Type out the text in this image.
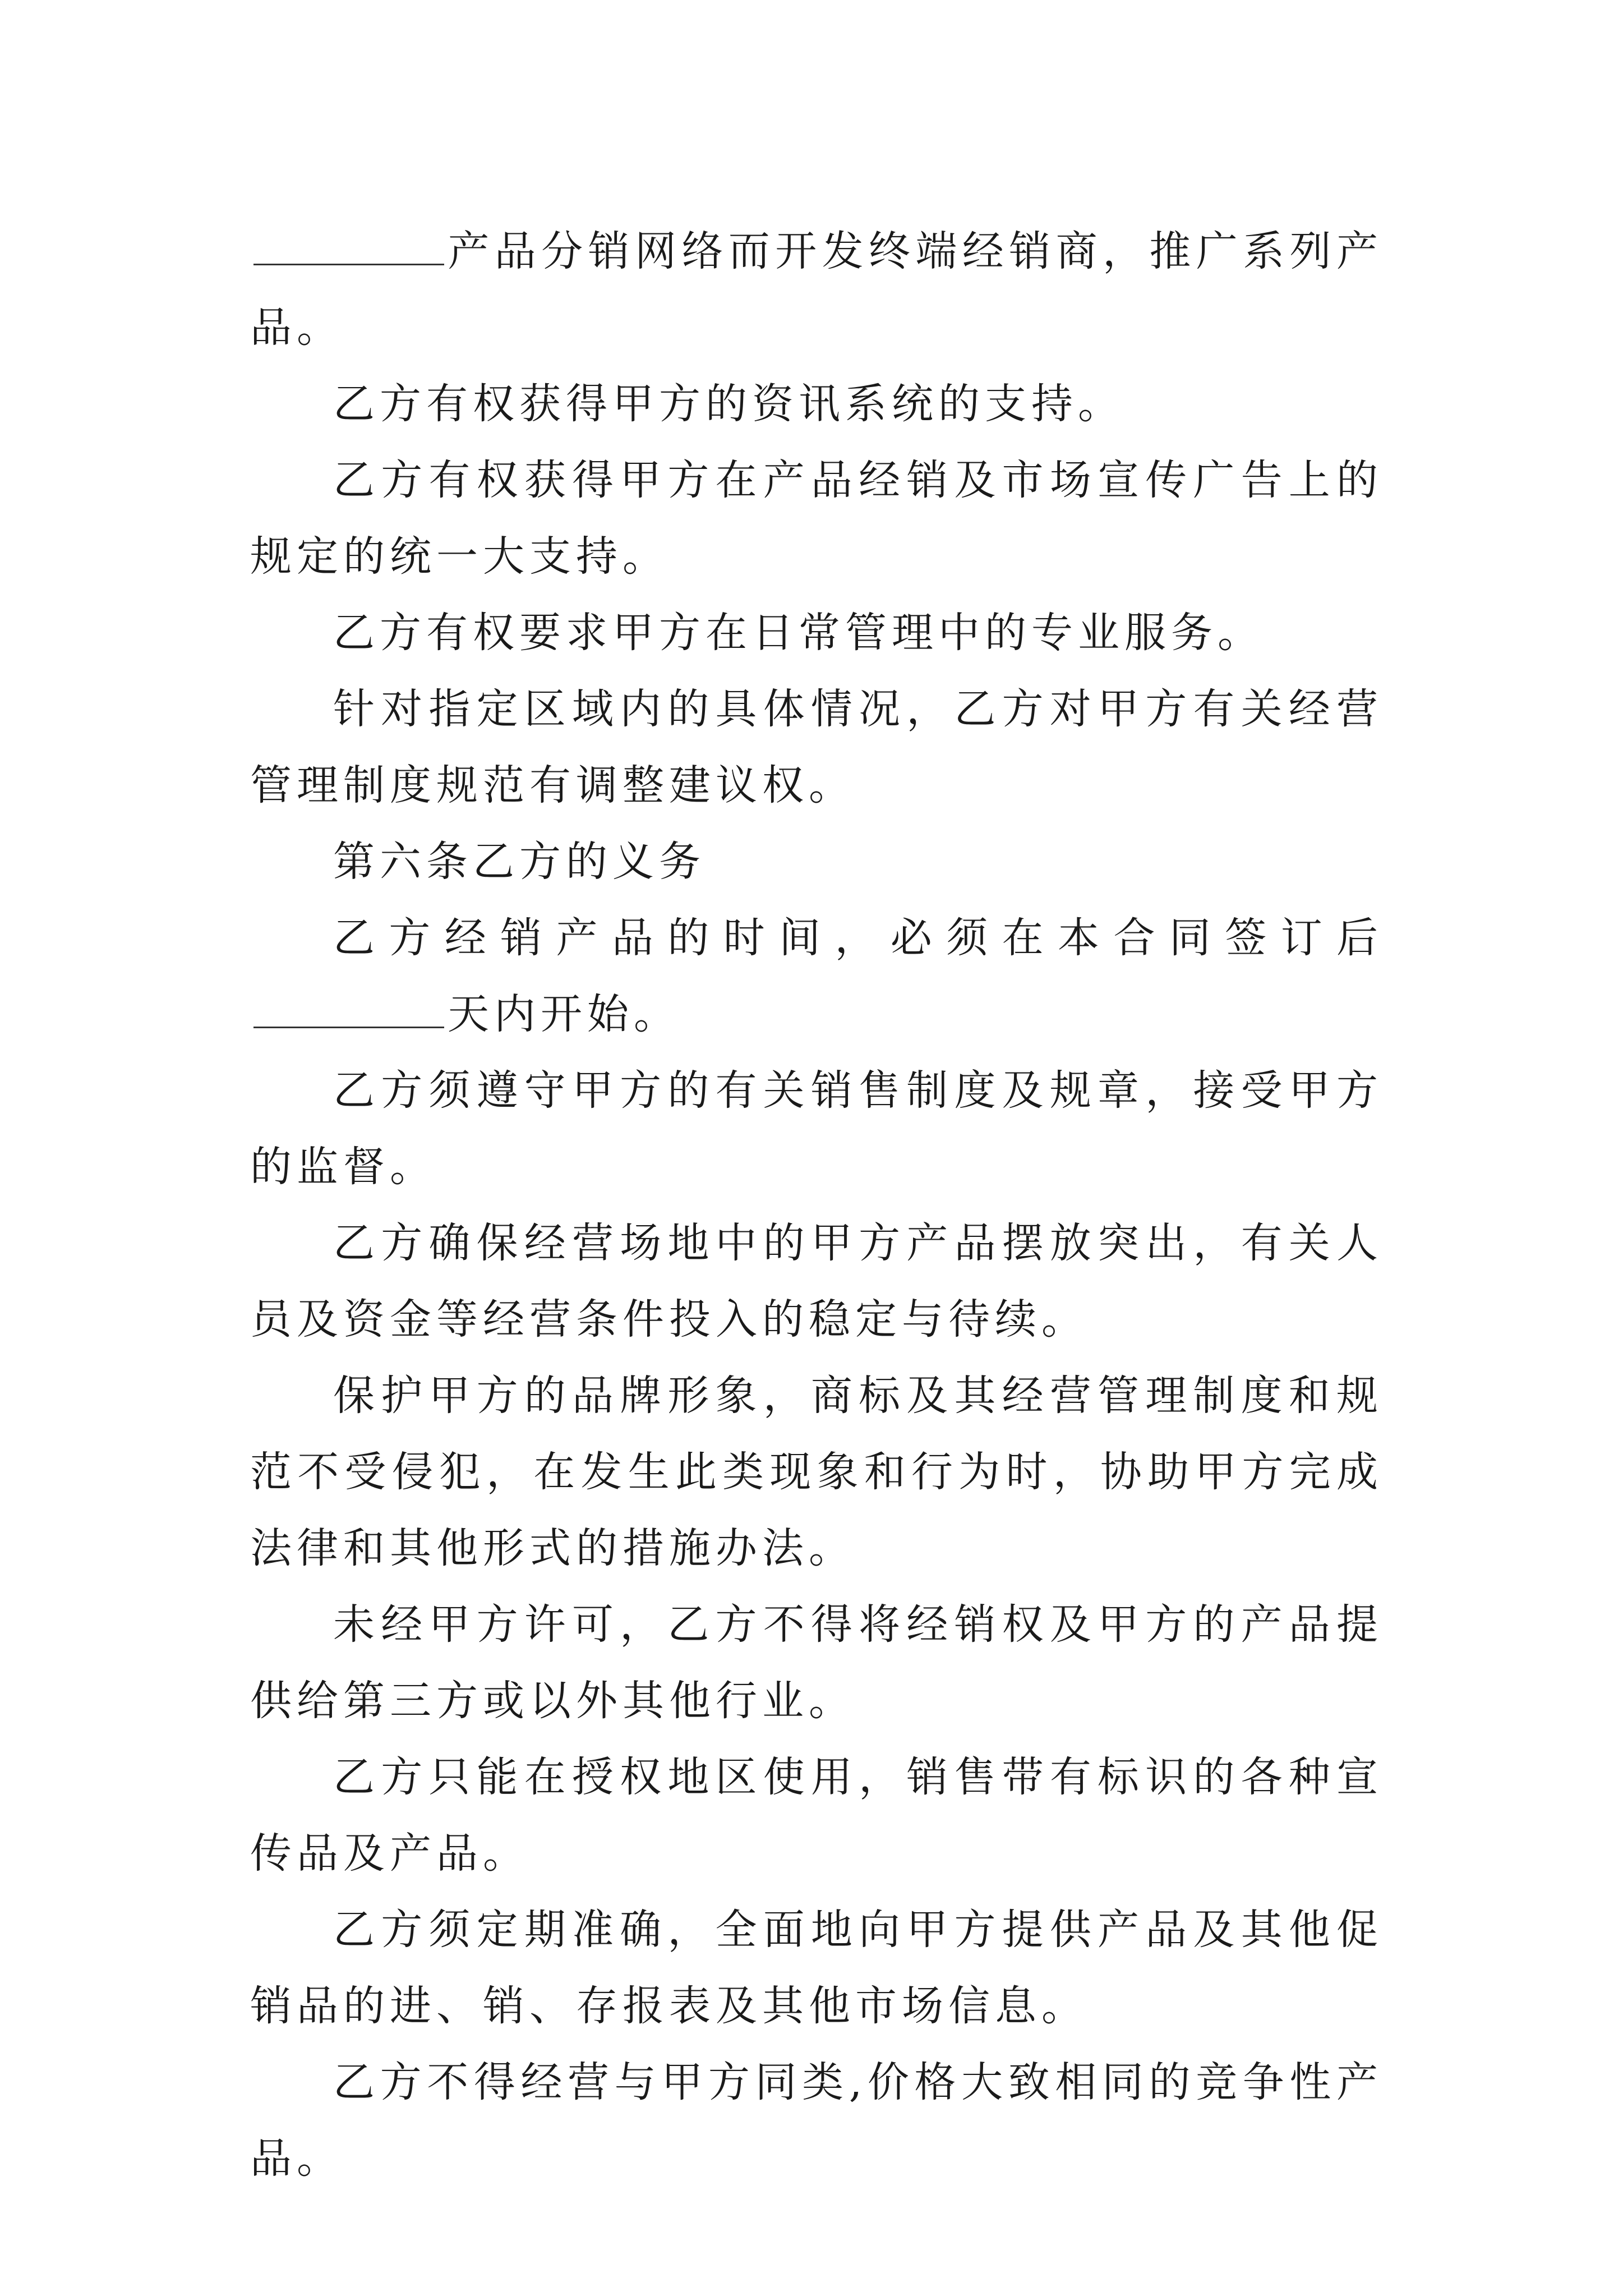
产品分销网络而开发终端经销商，推广系列产品。

乙方有权获得甲方的资讯系统的支持。

乙方有权获得甲方在产品经销及市场宣传广告上的规定的统一大支持。

乙方有权要求甲方在日常管理中的专业服务。

针对指定区域内的具体情况，乙方对甲方有关经营管理制度规范有调整建议权。

第六条乙方的义务

乙方经销产品的时间，必须在本合同签订后天内开始。

乙方须遵守甲方的有关销售制度及规章，接受甲方的监督。

乙方确保经营场地中的甲方产品摆放突出，有关人员及资金等经营条件投入的稳定与待续。

保护甲方的品牌形象，商标及其经营管理制度和规范不受侵犯，在发生此类现象和行为时，协助甲方完成法律和其他形式的措施办法。

未经甲方许可，乙方不得将经销权及甲方的产品提供给第三方或以外其他行业。

乙方只能在授权地区使用，销售带有标识的各种宣传品及产品。

乙方须定期准确，全面地向甲方提供产品及其他促销品的进、销、存报表及其他市场信息。

乙方不得经营与甲方同类,价格大致相同的竞争性产品。
